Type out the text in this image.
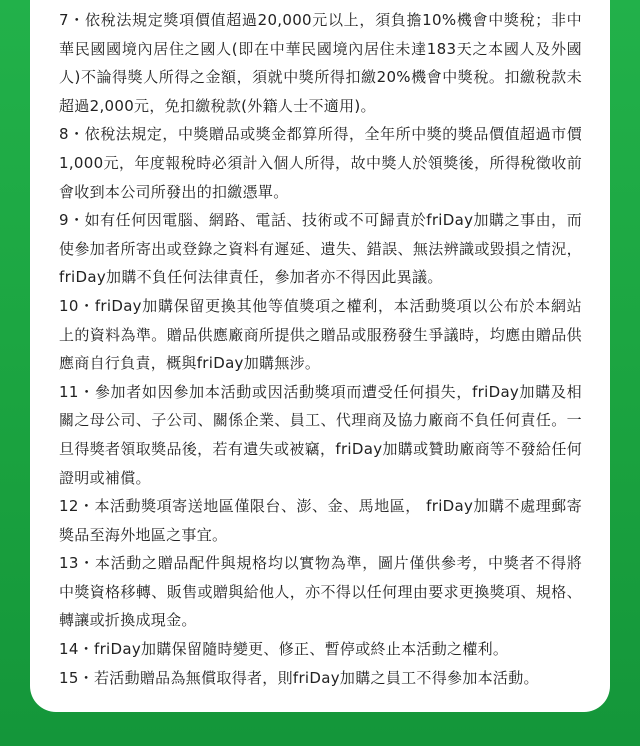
7・依稅法規定獎項價值超過20,000元以上，須負擔10%機會中獎稅；非中華民國國境內居住之國人(即在中華民國境內居住未達183天之本國人及外國人)不論得獎人所得之金額，須就中獎所得扣繳20%機會中獎稅。扣繳稅款未超過2,000元，免扣繳稅款(外籍人士不適用)。

8・依稅法規定，中獎贈品或獎金都算所得，全年所中獎的獎品價值超過市價1,000元，年度報稅時必須計入個人所得，故中獎人於領獎後，所得稅徵收前會收到本公司所發出的扣繳憑單。

9・如有任何因電腦、網路、電話、技術或不可歸責於friDay加購之事由，而使參加者所寄出或登錄之資料有遲延、遺失、錯誤、無法辨識或毀損之情況， friDay加購不負任何法律責任，參加者亦不得因此異議。

10・friDay加購保留更換其他等值獎項之權利，本活動獎項以公布於本網站上的資料為準。贈品供應廠商所提供之贈品或服務發生爭議時，均應由贈品供應商自行負責，概與friDay加購無涉。

11・參加者如因參加本活動或因活動獎項而遭受任何損失，friDay加購及相關之母公司、子公司、關係企業、員工、代理商及協力廠商不負任何責任。一旦得獎者領取獎品後，若有遺失或被竊，friDay加購或贊助廠商等不發給任何證明或補償。

12・本活動獎項寄送地區僅限台、澎、金、馬地區， friDay加購不處理郵寄獎品至海外地區之事宜。

13・本活動之贈品配件與規格均以實物為準，圖片僅供參考，中獎者不得將中獎資格移轉、販售或贈與給他人，亦不得以任何理由要求更換獎項、規格、轉讓或折換成現金。

14・friDay加購保留隨時變更、修正、暫停或終止本活動之權利。

15・若活動贈品為無償取得者，則friDay加購之員工不得參加本活動。
